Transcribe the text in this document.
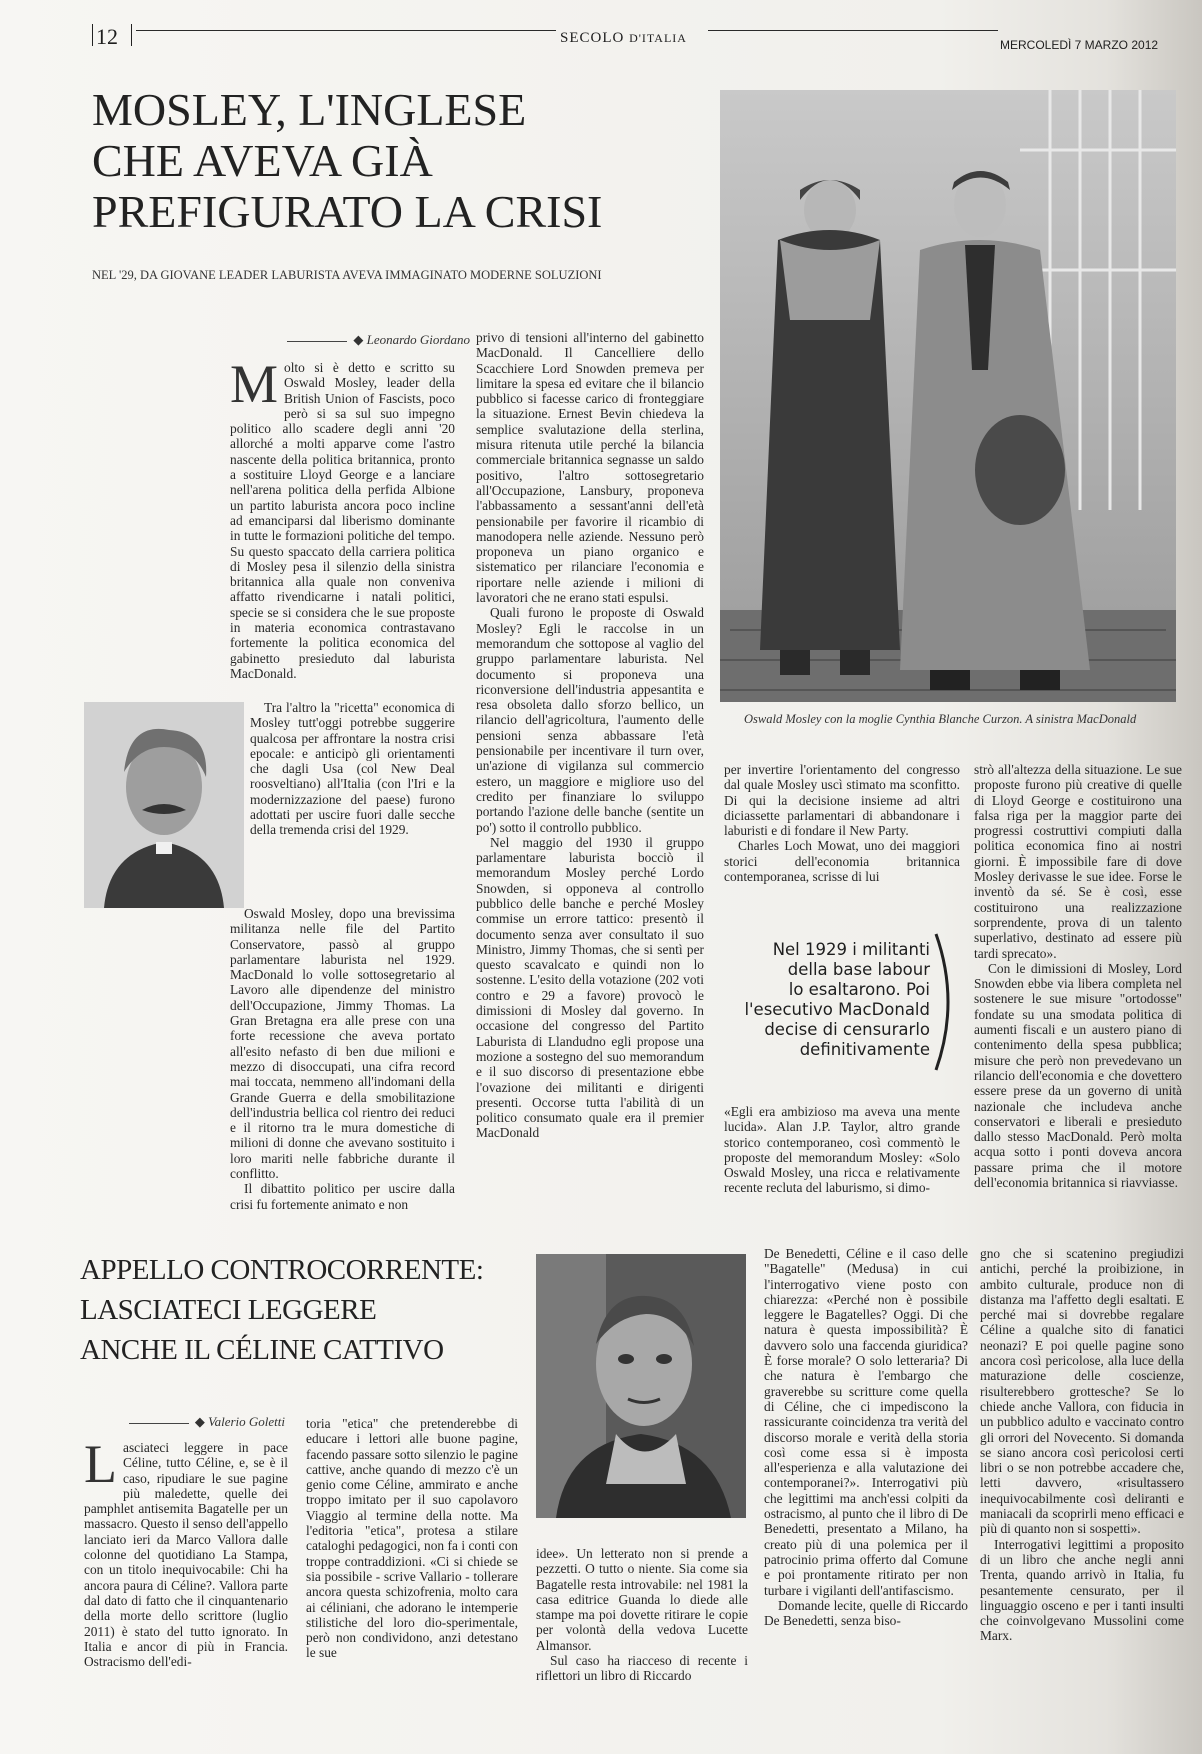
12	SECOLO D'ITALIA	MERCOLEDÌ 7 MARZO 2012
MOSLEY, L'INGLESE
CHE AVEVA GIÀ
PREFIGURATO LA CRISI
NEL '29, DA GIOVANE LEADER LABURISTA AVEVA IMMAGINATO MODERNE SOLUZIONI
◆ Leonardo Giordano
Oswald Mosley con la moglie Cynthia Blanche Curzon. A sinistra MacDonald
M olto si è detto e scritto su Oswald Mosley, leader della British Union of Fascists, poco però si sa sul suo impegno politico allo scadere degli anni '20 allorché a molti apparve come l'astro nascente della politica britannica, pronto a sostituire Lloyd George e a lanciare nell'arena politica della perfida Albione un partito laburista ancora poco incline ad emanciparsi dal liberismo dominante in tutte le formazioni politiche del tempo. Su questo spaccato della carriera politica di Mosley pesa il silenzio della sinistra britannica alla quale non conveniva affatto rivendicarne i natali politici, specie se si considera che le sue proposte in materia economica contrastavano fortemente la politica economica del gabinetto presieduto dal laburista MacDonald.

Tra l'altro la "ricetta" economica di Mosley tutt'oggi potrebbe suggerire qualcosa per affrontare la nostra crisi epocale: e anticipò gli orientamenti che dagli Usa (col New Deal roosveltiano) all'Italia (con l'Iri e la modernizzazione del paese) furono adottati per uscire fuori dalle secche della tremenda crisi del 1929.

Oswald Mosley, dopo una brevissima militanza nelle file del Partito Conservatore, passò al gruppo parlamentare laburista nel 1929. MacDonald lo volle sottosegretario al Lavoro alle dipendenze del ministro dell'Occupazione, Jimmy Thomas. La Gran Bretagna era alle prese con una forte recessione che aveva portato all'esito nefasto di ben due milioni e mezzo di disoccupati, una cifra record mai toccata, nemmeno all'indomani della Grande Guerra e della smobilitazione dell'industria bellica col rientro dei reduci e il ritorno tra le mura domestiche di milioni di donne che avevano sostituito i loro mariti nelle fabbriche durante il conflitto.

Il dibattito politico per uscire dalla crisi fu fortemente animato e non

privo di tensioni all'interno del gabinetto MacDonald. Il Cancelliere dello Scacchiere Lord Snowden premeva per limitare la spesa ed evitare che il bilancio pubblico si facesse carico di fronteggiare la situazione. Ernest Bevin chiedeva la semplice svalutazione della sterlina, misura ritenuta utile perché la bilancia commerciale britannica segnasse un saldo positivo, l'altro sottosegretario all'Occupazione, Lansbury, proponeva l'abbassamento a sessant'anni dell'età pensionabile per favorire il ricambio di manodopera nelle aziende. Nessuno però proponeva un piano organico e sistematico per rilanciare l'economia e riportare nelle aziende i milioni di lavoratori che ne erano stati espulsi.

Quali furono le proposte di Oswald Mosley? Egli le raccolse in un memorandum che sottopose al vaglio del gruppo parlamentare laburista. Nel documento si proponeva una riconversione dell'industria appesantita e resa obsoleta dallo sforzo bellico, un rilancio dell'agricoltura, l'aumento delle pensioni senza abbassare l'età pensionabile per incentivare il turn over, un'azione di vigilanza sul commercio estero, un maggiore e migliore uso del credito per finanziare lo sviluppo portando l'azione delle banche (sentite un po') sotto il controllo pubblico.

Nel maggio del 1930 il gruppo parlamentare laburista bocciò il memorandum Mosley perché Lordo Snowden, si opponeva al controllo pubblico delle banche e perché Mosley commise un errore tattico: presentò il documento senza aver consultato il suo Ministro, Jimmy Thomas, che si sentì per questo scavalcato e quindi non lo sostenne. L'esito della votazione (202 voti contro e 29 a favore) provocò le dimissioni di Mosley dal governo. In occasione del congresso del Partito Laburista di Llandudno egli propose una mozione a sostegno del suo memorandum e il suo discorso di presentazione ebbe l'ovazione dei militanti e dirigenti presenti. Occorse tutta l'abilità di un politico consumato quale era il premier MacDonald

per invertire l'orientamento del congresso dal quale Mosley uscì stimato ma sconfitto. Di qui la decisione insieme ad altri diciassette parlamentari di abbandonare i laburisti e di fondare il New Party.

Charles Loch Mowat, uno dei maggiori storici dell'economia britannica contemporanea, scrisse di lui

Nel 1929 i militanti
della base labour
lo esaltarono. Poi
l'esecutivo MacDonald
decise di censurarlo
definitivamente

«Egli era ambizioso ma aveva una mente lucida». Alan J.P. Taylor, altro grande storico contemporaneo, così commentò le proposte del memorandum Mosley: «Solo Oswald Mosley, una ricca e relativamente recente recluta del laburismo, si dimo-

strò all'altezza della situazione. Le sue proposte furono più creative di quelle di Lloyd George e costituirono una falsa riga per la maggior parte dei progressi costruttivi compiuti dalla politica economica fino ai nostri giorni. È impossibile fare di dove Mosley derivasse le sue idee. Forse le inventò da sé. Se è così, esse costituirono una realizzazione sorprendente, prova di un talento superlativo, destinato ad essere più tardi sprecato».

Con le dimissioni di Mosley, Lord Snowden ebbe via libera completa nel sostenere le sue misure "ortodosse" fondate su una smodata politica di aumenti fiscali e un austero piano di contenimento della spesa pubblica; misure che però non prevedevano un rilancio dell'economia e che dovettero essere prese da un governo di unità nazionale che includeva anche conservatori e liberali e presieduto dallo stesso MacDonald. Però molta acqua sotto i ponti doveva ancora passare prima che il motore dell'economia britannica si riavviasse.

APPELLO CONTROCORRENTE:
LASCIATECI LEGGERE
ANCHE IL CÉLINE CATTIVO
◆ Valerio Goletti
L asciateci leggere in pace Céline, tutto Céline, e, se è il caso, ripudiare le sue pagine più maledette, quelle dei pamphlet antisemita Bagatelle per un massacro. Questo il senso dell'appello lanciato ieri da Marco Vallora dalle colonne del quotidiano La Stampa, con un titolo inequivocabile: Chi ha ancora paura di Céline?. Vallora parte dal dato di fatto che il cinquantenario della morte dello scrittore (luglio 2011) è stato del tutto ignorato. In Italia e ancor di più in Francia. Ostracismo dell'edi-

toria "etica" che pretenderebbe di educare i lettori alle buone pagine, facendo passare sotto silenzio le pagine cattive, anche quando di mezzo c'è un genio come Céline, ammirato e anche troppo imitato per il suo capolavoro Viaggio al termine della notte. Ma l'editoria "etica", protesa a stilare cataloghi pedagogici, non fa i conti con troppe contraddizioni. «Ci si chiede se sia possibile - scrive Vallario - tollerare ancora questa schizofrenia, molto cara ai céliniani, che adorano le intemperie stilistiche del loro dio-sperimentale, però non condividono, anzi detestano le sue

idee». Un letterato non si prende a pezzetti. O tutto o niente. Sia come sia Bagatelle resta introvabile: nel 1981 la casa editrice Guanda lo diede alle stampe ma poi dovette ritirare le copie per volontà della vedova Lucette Almansor.

Sul caso ha riacceso di recente i riflettori un libro di Riccardo

De Benedetti, Céline e il caso delle "Bagatelle" (Medusa) in cui l'interrogativo viene posto con chiarezza: «Perché non è possibile leggere le Bagatelles? Oggi. Di che natura è questa impossibilità? È davvero solo una faccenda giuridica? È forse morale? O solo letteraria? Di che natura è l'embargo che graverebbe su scritture come quella di Céline, che ci impediscono la rassicurante coincidenza tra verità del discorso morale e verità della storia così come essa si è imposta all'esperienza e alla valutazione dei contemporanei?». Interrogativi più che legittimi ma anch'essi colpiti da ostracismo, al punto che il libro di De Benedetti, presentato a Milano, ha creato più di una polemica per il patrocinio prima offerto dal Comune e poi prontamente ritirato per non turbare i vigilanti dell'antifascismo.

Domande lecite, quelle di Riccardo De Benedetti, senza biso-

gno che si scatenino pregiudizi antichi, perché la proibizione, in ambito culturale, produce non di distanza ma l'affetto degli esaltati. E perché mai si dovrebbe regalare Céline a qualche sito di fanatici neonazi? E poi quelle pagine sono ancora così pericolose, alla luce della maturazione delle coscienze, risulterebbero grottesche? Se lo chiede anche Vallora, con fiducia in un pubblico adulto e vaccinato contro gli orrori del Novecento. Si domanda se siano ancora così pericolosi certi libri o se non potrebbe accadere che, letti davvero, «risultassero inequivocabilmente così deliranti e maniacali da scoprirli meno efficaci e più di quanto non si sospetti».

Interrogativi legittimi a proposito di un libro che anche negli anni Trenta, quando arrivò in Italia, fu pesantemente censurato, per il linguaggio osceno e per i tanti insulti che coinvolgevano Mussolini come Marx.
